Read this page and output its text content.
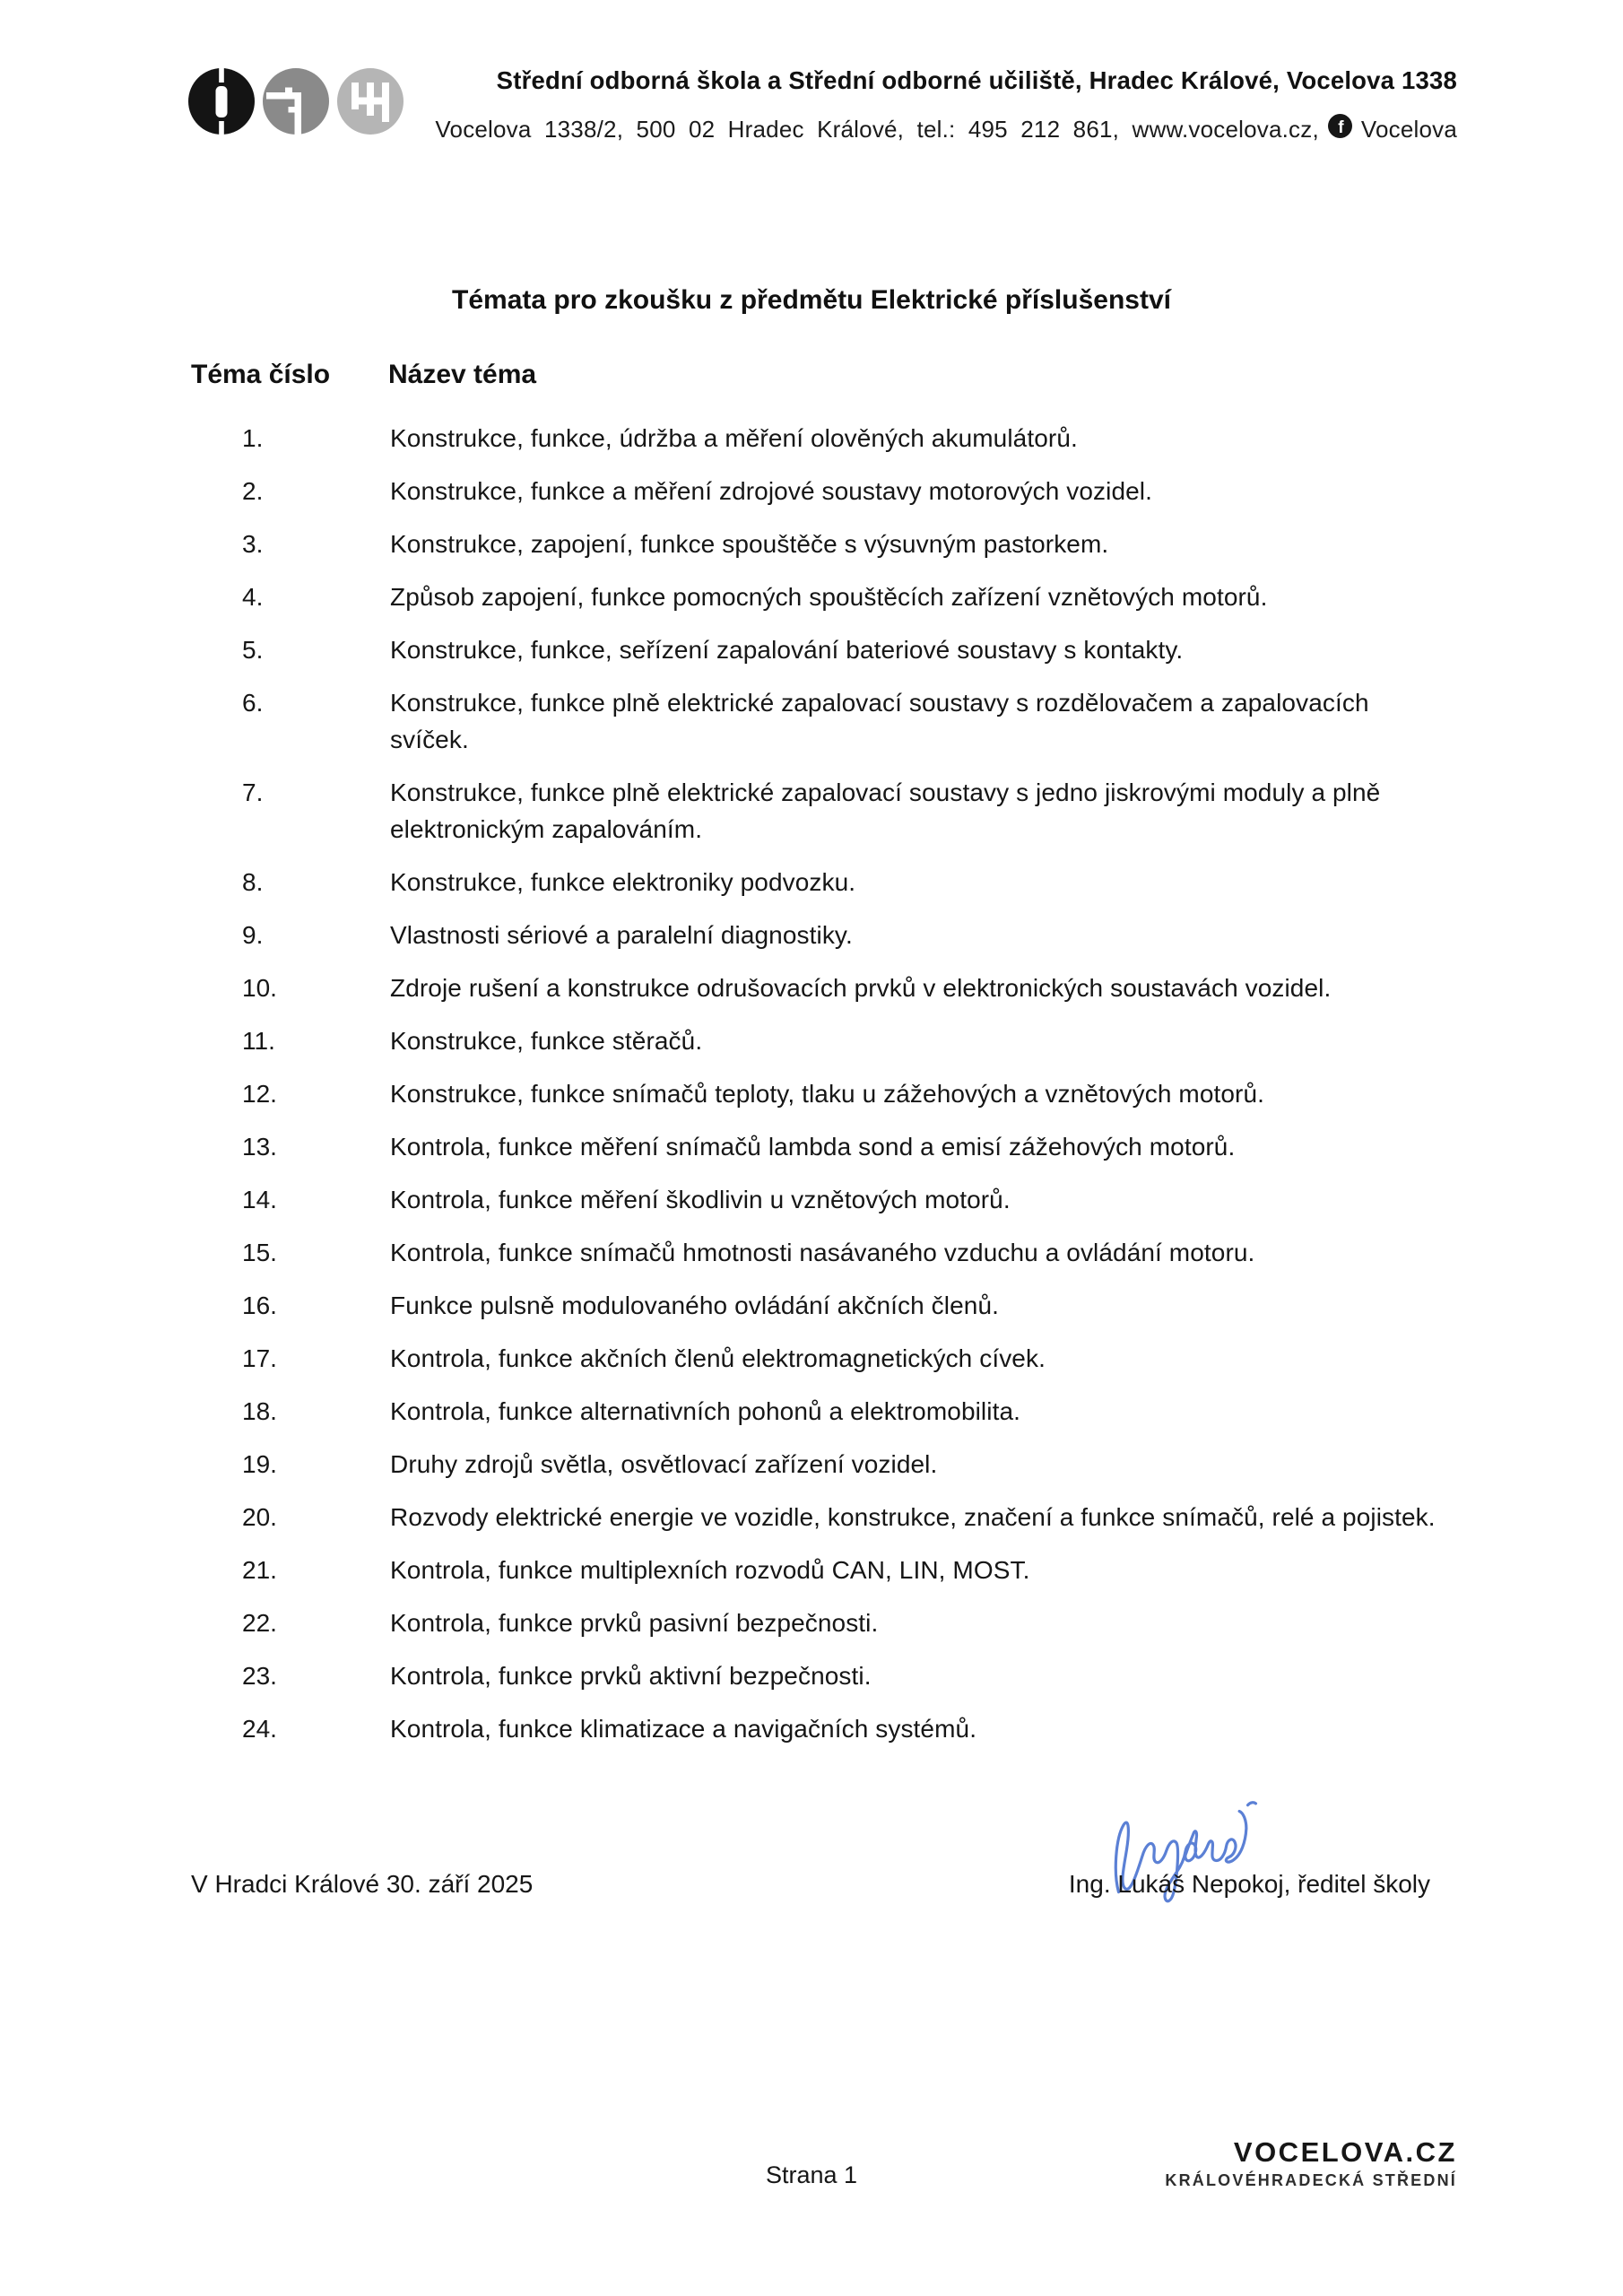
Střední odborná škola a Střední odborné učiliště, Hradec Králové, Vocelova 1338
Vocelova 1338/2, 500 02 Hradec Králové, tel.: 495 212 861, www.vocelova.cz, f Vocelova
Témata pro zkoušku z předmětu Elektrické příslušenství
Téma číslo Název téma
1.	Konstrukce, funkce, údržba a měření olověných akumulátorů.
2.	Konstrukce, funkce a měření zdrojové soustavy motorových vozidel.
3.	Konstrukce, zapojení, funkce spouštěče s výsuvným pastorkem.
4.	Způsob zapojení, funkce pomocných spouštěcích zařízení vznětových motorů.
5.	Konstrukce, funkce, seřízení zapalování bateriové soustavy s kontakty.
6.	Konstrukce, funkce plně elektrické zapalovací soustavy s rozdělovačem a zapalovacích svíček.
7.	Konstrukce, funkce plně elektrické zapalovací soustavy s jedno jiskrovými moduly a plně elektronickým zapalováním.
8.	Konstrukce, funkce elektroniky podvozku.
9.	Vlastnosti sériové a paralelní diagnostiky.
10.	Zdroje rušení a konstrukce odrušovacích prvků v elektronických soustavách vozidel.
11.	Konstrukce, funkce stěračů.
12.	Konstrukce, funkce snímačů teploty, tlaku u zážehových a vznětových motorů.
13.	Kontrola, funkce měření snímačů lambda sond a emisí zážehových motorů.
14.	Kontrola, funkce měření škodlivin u vznětových motorů.
15.	Kontrola, funkce snímačů hmotnosti nasávaného vzduchu a ovládání motoru.
16.	Funkce pulsně modulovaného ovládání akčních členů.
17.	Kontrola, funkce akčních členů elektromagnetických cívek.
18.	Kontrola, funkce alternativních pohonů a elektromobilita.
19.	Druhy zdrojů světla, osvětlovací zařízení vozidel.
20.	Rozvody elektrické energie ve vozidle, konstrukce, značení a funkce snímačů, relé a pojistek.
21.	Kontrola, funkce multiplexních rozvodů CAN, LIN, MOST.
22.	Kontrola, funkce prvků pasivní bezpečnosti.
23.	Kontrola, funkce prvků aktivní bezpečnosti.
24.	Kontrola, funkce klimatizace a navigačních systémů.
V Hradci Králové 30. září 2025	Ing. Lukáš Nepokoj, ředitel školy
Strana 1
VOCELOVA.CZ
KRÁLOVÉHRADECKÁ STŘEDNÍ
